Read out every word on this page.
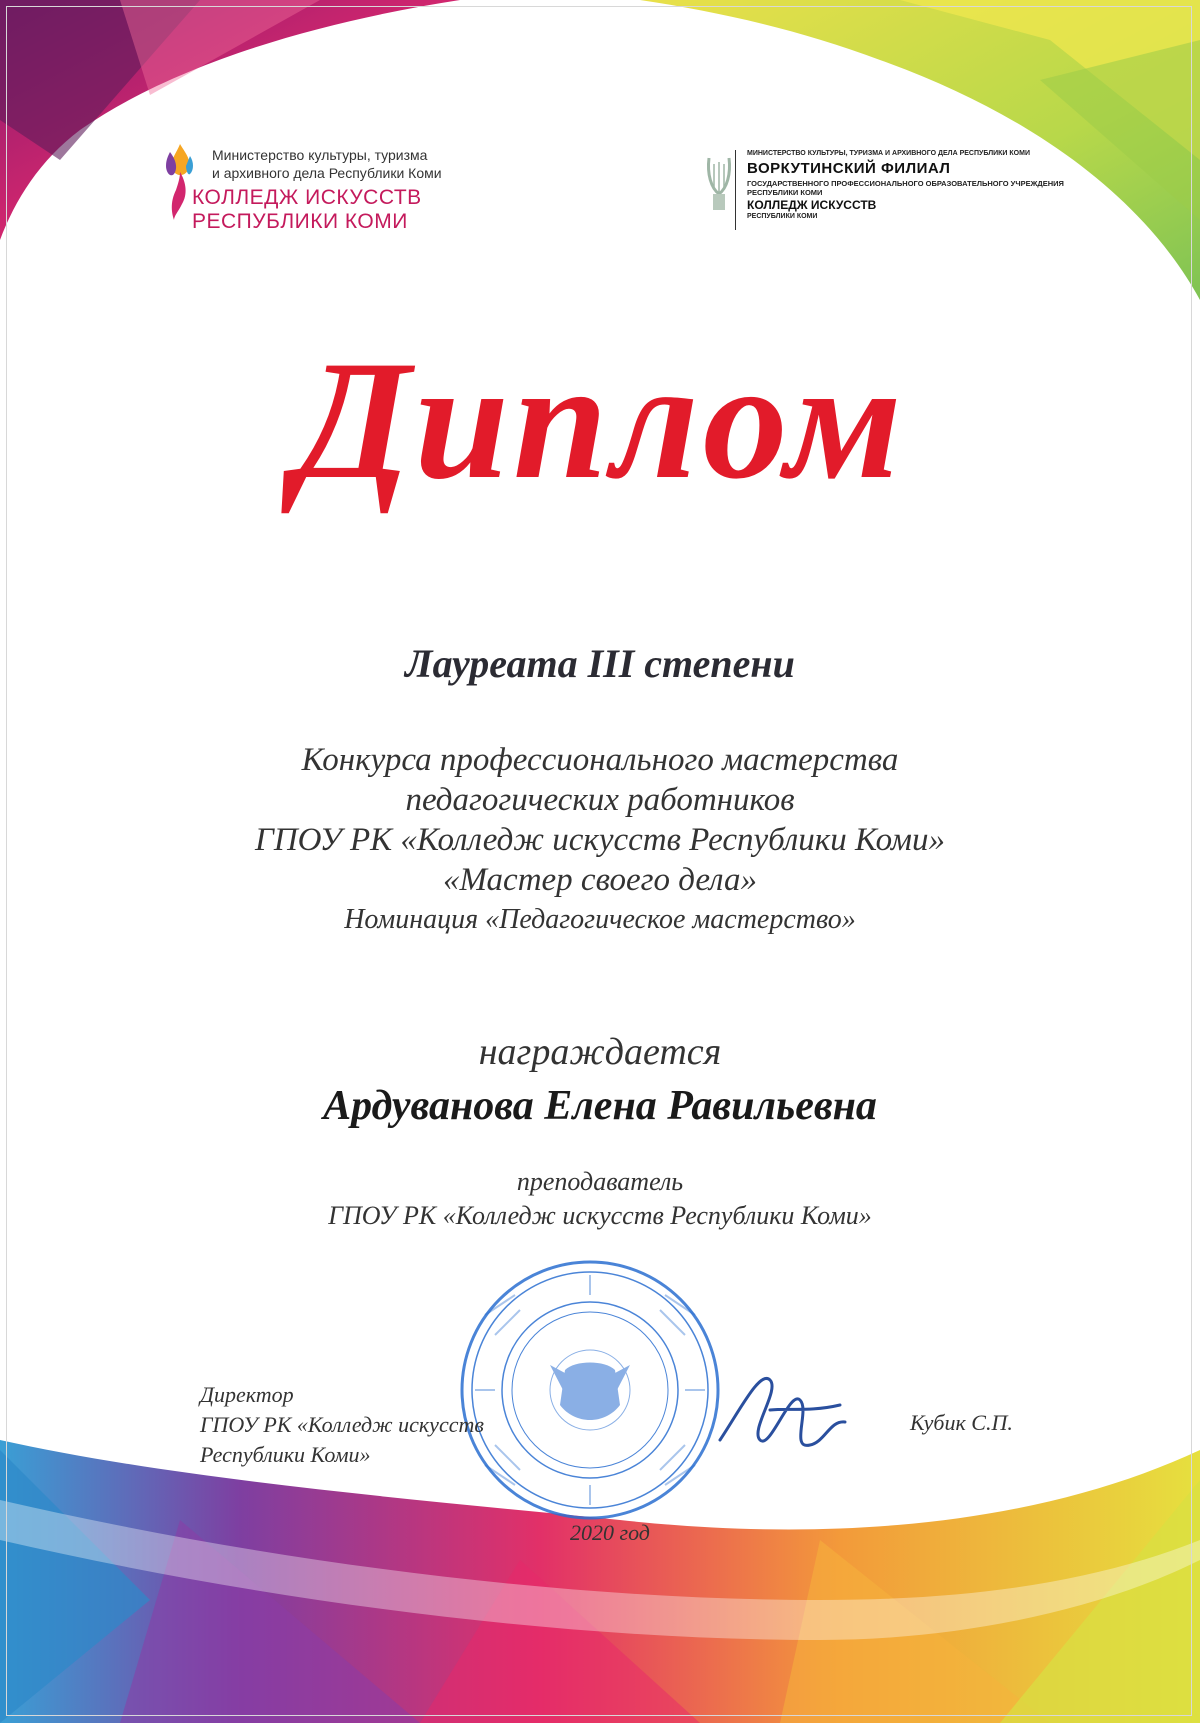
Министерство культуры, туризма
и архивного дела Республики Коми
КОЛЛЕДЖ ИСКУССТВ
РЕСПУБЛИКИ КОМИ
МИНИСТЕРСТВО КУЛЬТУРЫ, ТУРИЗМА И АРХИВНОГО ДЕЛА РЕСПУБЛИКИ КОМИ
ВОРКУТИНСКИЙ ФИЛИАЛ
ГОСУДАРСТВЕННОГО ПРОФЕССИОНАЛЬНОГО ОБРАЗОВАТЕЛЬНОГО УЧРЕЖДЕНИЯ
РЕСПУБЛИКИ КОМИ
КОЛЛЕДЖ ИСКУССТВ
РЕСПУБЛИКИ КОМИ
Диплом
Лауреата III степени
Конкурса профессионального мастерства
педагогических работников
ГПОУ РК «Колледж искусств Республики Коми»
«Мастер своего дела»
Номинация «Педагогическое мастерство»
награждается
Ардуванова Елена Равильевна
преподаватель
ГПОУ РК «Колледж искусств Республики Коми»
Директор
ГПОУ РК «Колледж искусств
Республики Коми»
Кубик С.П.
2020 год
